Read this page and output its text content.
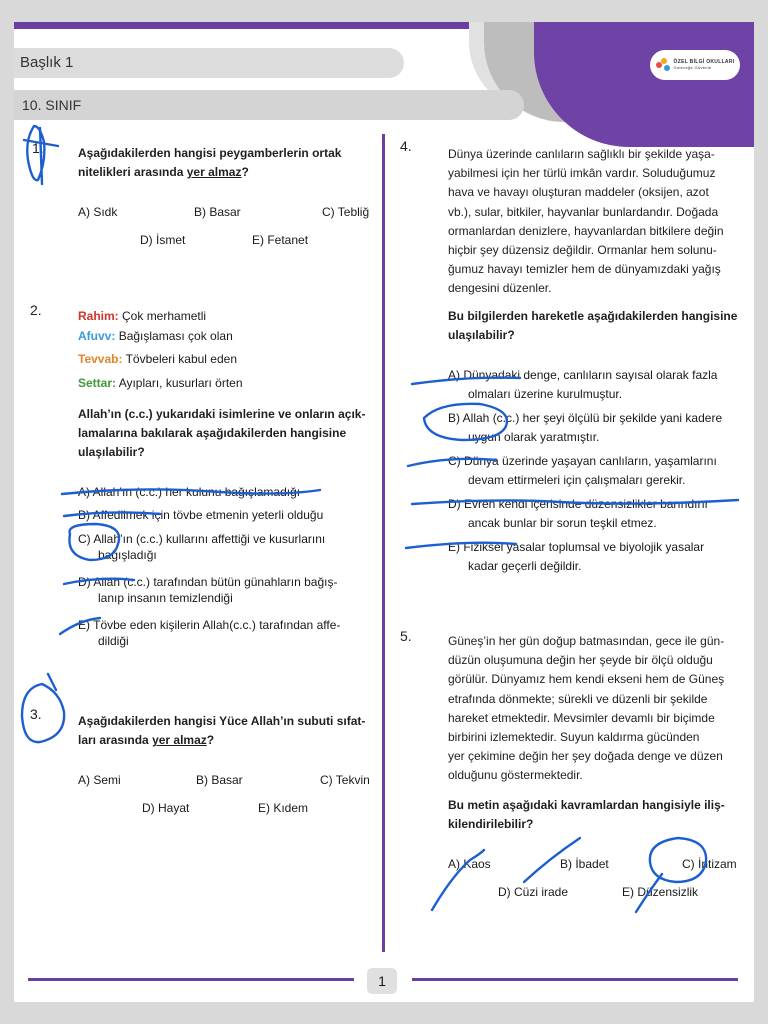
ÖZEL BİLGİ OKULLARI
Geleceğe Güvenle
Başlık 1
10. SINIF
1
1.	Aşağıdakilerden hangisi peygamberlerin ortak
nitelikleri arasında yer almaz?
A) Sıdk	B) Basar	C) Tebliğ
D) İsmet	E) Fetanet
2.	Rahim: Çok merhametli
Afuvv: Bağışlaması çok olan
Tevvab: Tövbeleri kabul eden
Settar: Ayıpları, kusurları örten
Allah’ın (c.c.) yukarıdaki isimlerine ve onların açık-
lamalarına bakılarak aşağıdakilerden hangisine
ulaşılabilir?
A) Allah’ın (c.c.) her kulunu bağışlamadığı
B) Affedilmek için tövbe etmenin yeterli olduğu
C) Allah’ın (c.c.) kullarını affettiği ve kusurlarını
bağışladığı
D) Allah (c.c.) tarafından bütün günahların bağış-
lanıp insanın temizlendiği
E) Tövbe eden kişilerin Allah(c.c.) tarafından affe-
dildiği
3.	Aşağıdakilerden hangisi Yüce Allah’ın subuti sıfat-
ları arasında yer almaz?
A) Semi	B) Basar	C) Tekvin
D) Hayat	E) Kıdem
4.	Dünya üzerinde canlıların sağlıklı bir şekilde yaşa-
yabilmesi için her türlü imkân vardır. Soluduğumuz
hava ve havayı oluşturan maddeler (oksijen, azot
vb.), sular, bitkiler, hayvanlar bunlardandır. Doğada
ormanlardan denizlere, hayvanlardan bitkilere değin
hiçbir şey düzensiz değildir. Ormanlar hem solunu-
ğumuz havayı temizler hem de dünyamızdaki yağış
dengesini düzenler.
Bu bilgilerden hareketle aşağıdakilerden hangisine
ulaşılabilir?
A) Dünyadaki denge, canlıların sayısal olarak fazla
olmaları üzerine kurulmuştur.
B) Allah (c.c.) her şeyi ölçülü bir şekilde yani kadere
uygun olarak yaratmıştır.
C) Dünya üzerinde yaşayan canlıların, yaşamlarını
devam ettirmeleri için çalışmaları gerekir.
D) Evren kendi içerisinde düzensizlikler barındırır
ancak bunlar bir sorun teşkil etmez.
E) Fiziksel yasalar toplumsal ve biyolojik yasalar
kadar geçerli değildir.
5.	Güneş’in her gün doğup batmasından, gece ile gün-
düzün oluşumuna değin her şeyde bir ölçü olduğu
görülür. Dünyamız hem kendi ekseni hem de Güneş
etrafında dönmekte; sürekli ve düzenli bir şekilde
hareket etmektedir. Mevsimler devamlı bir biçimde
birbirini izlemektedir. Suyun kaldırma gücünden
yer çekimine değin her şey doğada denge ve düzen
olduğunu göstermektedir.
Bu metin aşağıdaki kavramlardan hangisiyle iliş-
kilendirilebilir?
A) Kaos	B) İbadet	C) İntizam
D) Cüzi irade	E) Düzensizlik
